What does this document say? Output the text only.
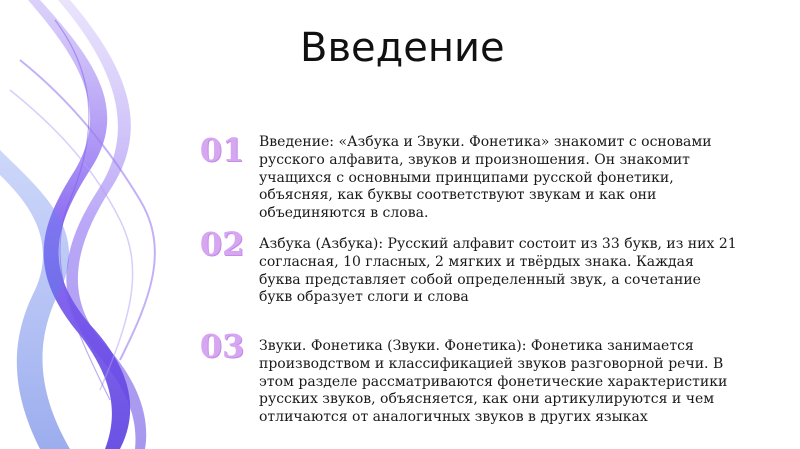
Введение
01 Введение: «Азбука и Звуки. Фонетика» знакомит с основами русского алфавита, звуков и произношения. Он знакомит учащихся с основными принципами русской фонетики, объясняя, как буквы соответствуют звукам и как они объединяются в слова.
02 Азбука (Азбука): Русский алфавит состоит из 33 букв, из них 21 согласная, 10 гласных, 2 мягких и твёрдых знака. Каждая буква представляет собой определенный звук, а сочетание букв образует слоги и слова
03 Звуки. Фонетика (Звуки. Фонетика): Фонетика занимается производством и классификацией звуков разговорной речи. В этом разделе рассматриваются фонетические характеристики русских звуков, объясняется, как они артикулируются и чем отличаются от аналогичных звуков в других языках
